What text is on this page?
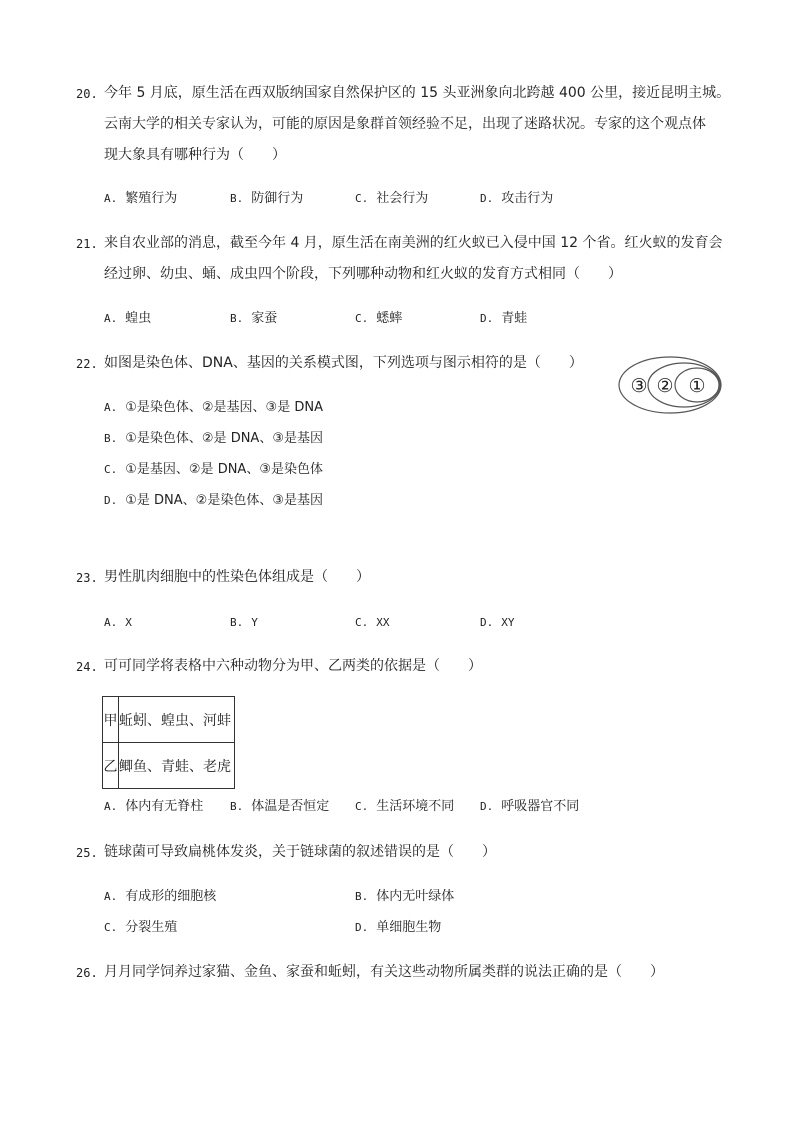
20. 今年 5 月底，原生活在西双版纳国家自然保护区的 15 头亚洲象向北跨越 400 公里，接近昆明主城。
云南大学的相关专家认为，可能的原因是象群首领经验不足，出现了迷路状况。专家的这个观点体
现大象具有哪种行为（　　）
A. 繁殖行为	B. 防御行为	C. 社会行为	D. 攻击行为
21. 来自农业部的消息，截至今年 4 月，原生活在南美洲的红火蚁已入侵中国 12 个省。红火蚁的发育会
经过卵、幼虫、蛹、成虫四个阶段，下列哪种动物和红火蚁的发育方式相同（　　）
A. 蝗虫	B. 家蚕	C. 蟋蟀	D. 青蛙
22. 如图是染色体、DNA、基因的关系模式图，下列选项与图示相符的是（　　）
A. ①是染色体、②是基因、③是 DNA
B. ①是染色体、②是 DNA、③是基因
C. ①是基因、②是 DNA、③是染色体
D. ①是 DNA、②是染色体、③是基因
③ ② ①
23. 男性肌肉细胞中的性染色体组成是（　　）
A. X	B. Y	C. XX	D. XY
24. 可可同学将表格中六种动物分为甲、乙两类的依据是（　　）
甲	蚯蚓、蝗虫、河蚌
乙	鲫鱼、青蛙、老虎
A. 体内有无脊柱 B. 体温是否恒定 C. 生活环境不同 D. 呼吸器官不同
25. 链球菌可导致扁桃体发炎，关于链球菌的叙述错误的是（　　）
A. 有成形的细胞核	B. 体内无叶绿体
C. 分裂生殖	D. 单细胞生物
26. 月月同学饲养过家猫、金鱼、家蚕和蚯蚓，有关这些动物所属类群的说法正确的是（　　）
